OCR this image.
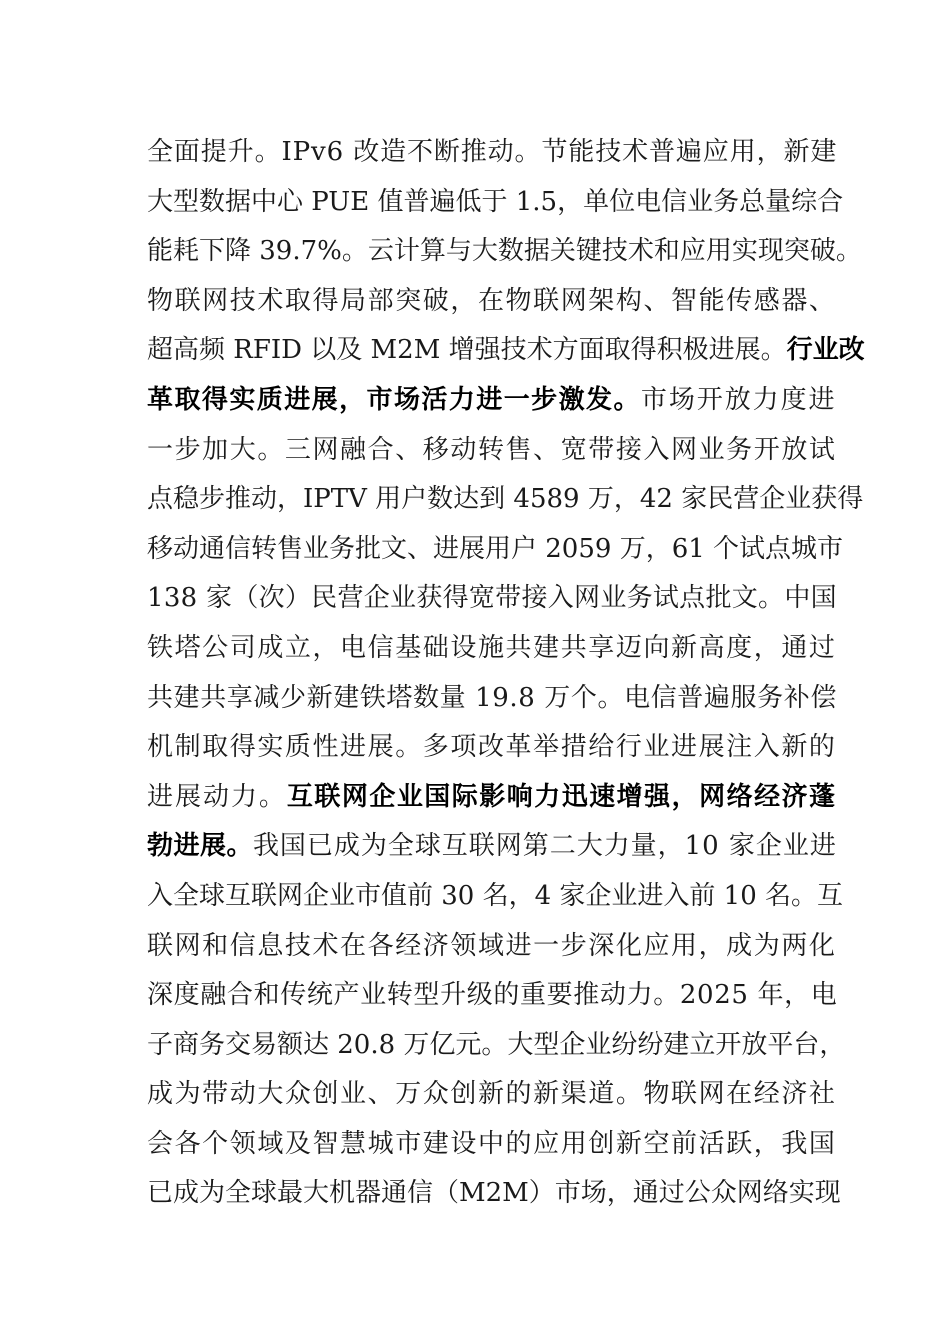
全面提升。IPv6 改造不断推动。节能技术普遍应用，新建
大型数据中心 PUE 值普遍低于 1.5，单位电信业务总量综合
能耗下降 39.7%。云计算与大数据关键技术和应用实现突破。
物联网技术取得局部突破，在物联网架构、智能传感器、
超高频 RFID 以及 M2M 增强技术方面取得积极进展。行业改
革取得实质进展，市场活力进一步激发。市场开放力度进
一步加大。三网融合、移动转售、宽带接入网业务开放试
点稳步推动，IPTV 用户数达到 4589 万，42 家民营企业获得
移动通信转售业务批文、进展用户 2059 万，61 个试点城市
138 家（次）民营企业获得宽带接入网业务试点批文。中国
铁塔公司成立，电信基础设施共建共享迈向新高度，通过
共建共享减少新建铁塔数量 19.8 万个。电信普遍服务补偿
机制取得实质性进展。多项改革举措给行业进展注入新的
进展动力。互联网企业国际影响力迅速增强，网络经济蓬
勃进展。我国已成为全球互联网第二大力量，10 家企业进
入全球互联网企业市值前 30 名，4 家企业进入前 10 名。互
联网和信息技术在各经济领域进一步深化应用，成为两化
深度融合和传统产业转型升级的重要推动力。2025 年，电
子商务交易额达 20.8 万亿元。大型企业纷纷建立开放平台，
成为带动大众创业、万众创新的新渠道。物联网在经济社
会各个领域及智慧城市建设中的应用创新空前活跃，我国
已成为全球最大机器通信（M2M）市场，通过公众网络实现
